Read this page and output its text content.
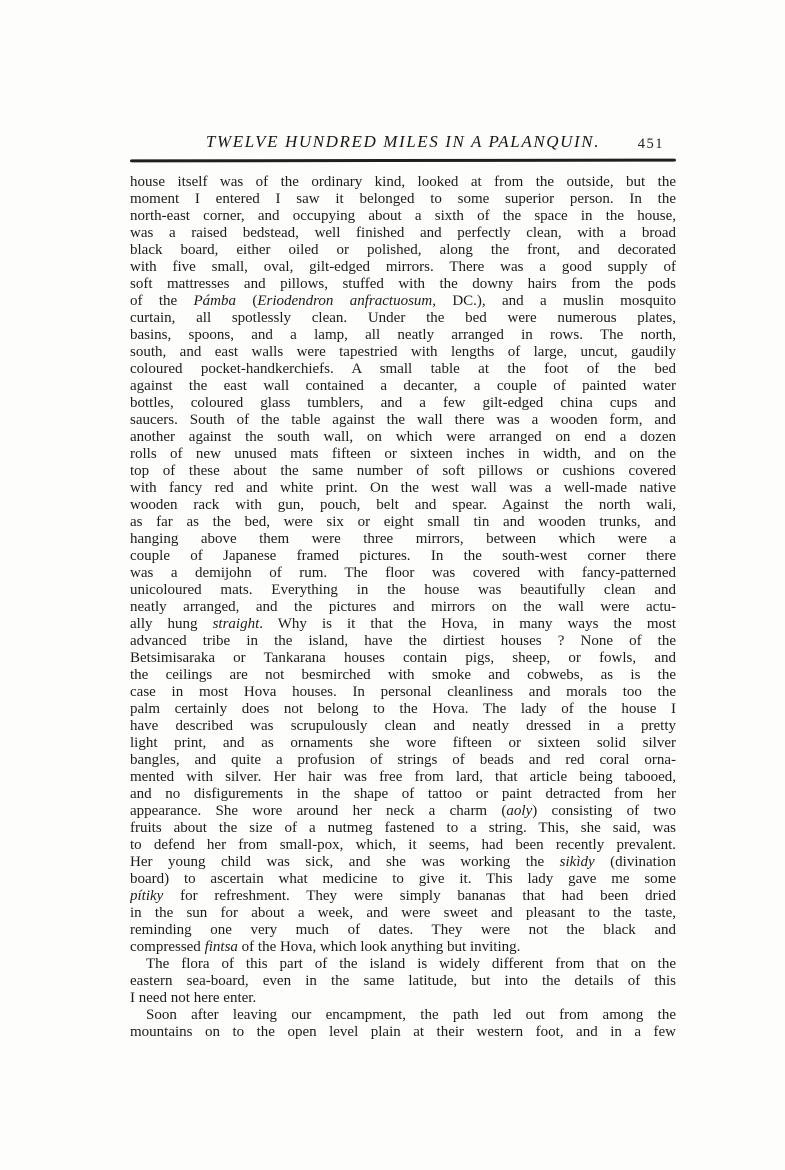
TWELVE HUNDRED MILES IN A PALANQUIN.	451
house itself was of the ordinary kind, looked at from the outside, but the
moment I entered I saw it belonged to some superior person. In the
north-east corner, and occupying about a sixth of the space in the house,
was a raised bedstead, well finished and perfectly clean, with a broad
black board, either oiled or polished, along the front, and decorated
with five small, oval, gilt-edged mirrors. There was a good supply of
soft mattresses and pillows, stuffed with the downy hairs from the pods
of the Pámba (Eriodendron anfractuosum, DC.), and a muslin mosquito
curtain, all spotlessly clean. Under the bed were numerous plates,
basins, spoons, and a lamp, all neatly arranged in rows. The north,
south, and east walls were tapestried with lengths of large, uncut, gaudily
coloured pocket-handkerchiefs. A small table at the foot of the bed
against the east wall contained a decanter, a couple of painted water
bottles, coloured glass tumblers, and a few gilt-edged china cups and
saucers. South of the table against the wall there was a wooden form, and
another against the south wall, on which were arranged on end a dozen
rolls of new unused mats fifteen or sixteen inches in width, and on the
top of these about the same number of soft pillows or cushions covered
with fancy red and white print. On the west wall was a well-made native
wooden rack with gun, pouch, belt and spear. Against the north wali,
as far as the bed, were six or eight small tin and wooden trunks, and
hanging above them were three mirrors, between which were a
couple of Japanese framed pictures. In the south-west corner there
was a demijohn of rum. The floor was covered with fancy-patterned
unicoloured mats. Everything in the house was beautifully clean and
neatly arranged, and the pictures and mirrors on the wall were actu-
ally hung straight. Why is it that the Hova, in many ways the most
advanced tribe in the island, have the dirtiest houses ? None of the
Betsimisaraka or Tankarana houses contain pigs, sheep, or fowls, and
the ceilings are not besmirched with smoke and cobwebs, as is the
case in most Hova houses. In personal cleanliness and morals too the
palm certainly does not belong to the Hova. The lady of the house I
have described was scrupulously clean and neatly dressed in a pretty
light print, and as ornaments she wore fifteen or sixteen solid silver
bangles, and quite a profusion of strings of beads and red coral orna-
mented with silver. Her hair was free from lard, that article being tabooed,
and no disfigurements in the shape of tattoo or paint detracted from her
appearance. She wore around her neck a charm (aoly) consisting of two
fruits about the size of a nutmeg fastened to a string. This, she said, was
to defend her from small-pox, which, it seems, had been recently prevalent.
Her young child was sick, and she was working the sikìdy (divination
board) to ascertain what medicine to give it. This lady gave me some
pítiky for refreshment. They were simply bananas that had been dried
in the sun for about a week, and were sweet and pleasant to the taste,
reminding one very much of dates. They were not the black and
compressed fintsa of the Hova, which look anything but inviting.
The flora of this part of the island is widely different from that on the
eastern sea-board, even in the same latitude, but into the details of this
I need not here enter.
Soon after leaving our encampment, the path led out from among the
mountains on to the open level plain at their western foot, and in a few
